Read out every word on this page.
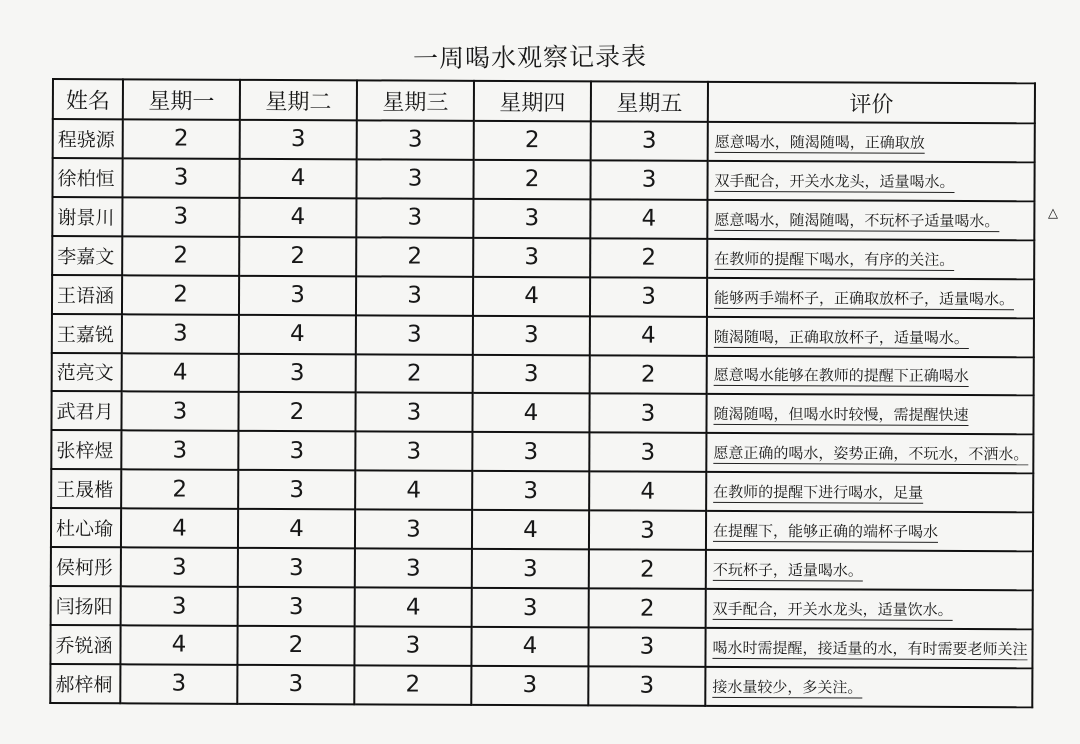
一周喝水观察记录表
姓名	星期一	星期二	星期三	星期四	星期五	评价
程骁源	2	3	3	2	3	愿意喝水，随渴随喝，正确取放
徐柏恒	3	4	3	2	3	双手配合，开关水龙头，适量喝水。
谢景川	3	4	3	3	4	愿意喝水，随渴随喝，不玩杯子适量喝水。
李嘉文	2	2	2	3	2	在教师的提醒下喝水，有序的关注。
王语涵	2	3	3	4	3	能够两手端杯子，正确取放杯子，适量喝水。
王嘉锐	3	4	3	3	4	随渴随喝，正确取放杯子，适量喝水。
范亮文	4	3	2	3	2	愿意喝水能够在教师的提醒下正确喝水
武君月	3	2	3	4	3	随渴随喝，但喝水时较慢，需提醒快速
张梓煜	3	3	3	3	3	愿意正确的喝水，姿势正确，不玩水，不洒水。
王晟楷	2	3	4	3	4	在教师的提醒下进行喝水，足量
杜心瑜	4	4	3	4	3	在提醒下，能够正确的端杯子喝水
侯柯彤	3	3	3	3	2	不玩杯子，适量喝水。
闫扬阳	3	3	4	3	2	双手配合，开关水龙头，适量饮水。
乔锐涵	4	2	3	4	3	喝水时需提醒，接适量的水，有时需要老师关注
郝梓桐	3	3	2	3	3	接水量较少，多关注。
△
